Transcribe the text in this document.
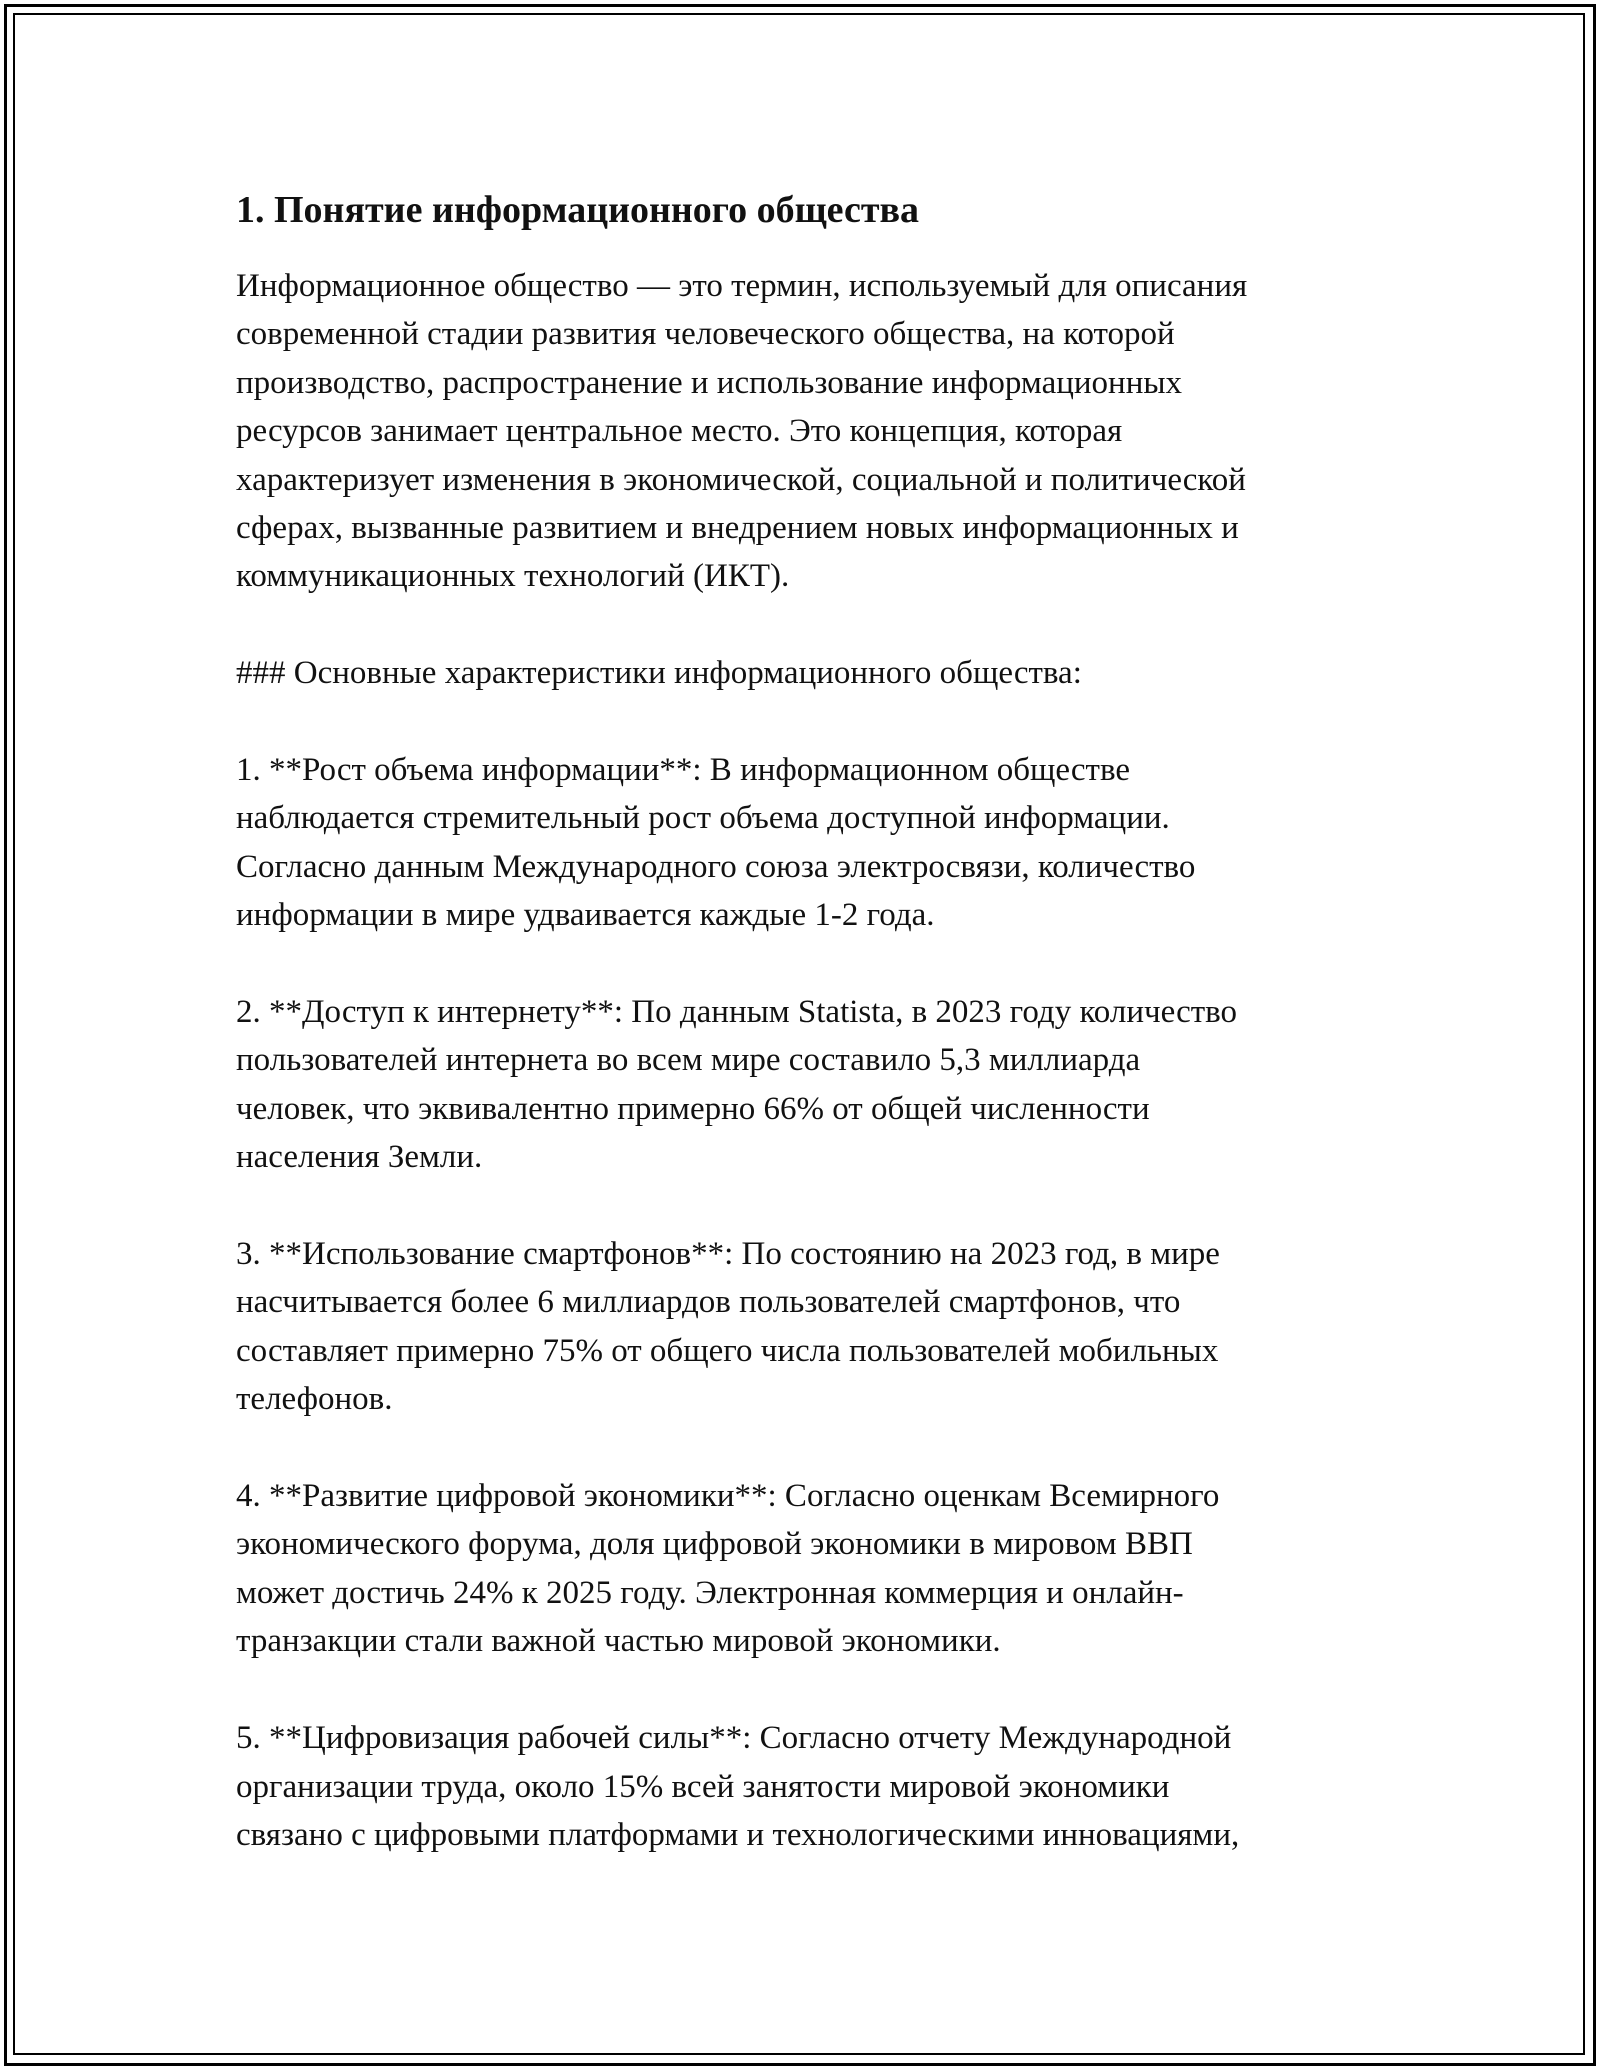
1. Понятие информационного общества

Информационное общество — это термин, используемый для описания
современной стадии развития человеческого общества, на которой
производство, распространение и использование информационных
ресурсов занимает центральное место. Это концепция, которая
характеризует изменения в экономической, социальной и политической
сферах, вызванные развитием и внедрением новых информационных и
коммуникационных технологий (ИКТ).

### Основные характеристики информационного общества:

1. **Рост объема информации**: В информационном обществе
наблюдается стремительный рост объема доступной информации.
Согласно данным Международного союза электросвязи, количество
информации в мире удваивается каждые 1-2 года.

2. **Доступ к интернету**: По данным Statista, в 2023 году количество
пользователей интернета во всем мире составило 5,3 миллиарда
человек, что эквивалентно примерно 66% от общей численности
населения Земли.

3. **Использование смартфонов**: По состоянию на 2023 год, в мире
насчитывается более 6 миллиардов пользователей смартфонов, что
составляет примерно 75% от общего числа пользователей мобильных
телефонов.

4. **Развитие цифровой экономики**: Согласно оценкам Всемирного
экономического форума, доля цифровой экономики в мировом ВВП
может достичь 24% к 2025 году. Электронная коммерция и онлайн-
транзакции стали важной частью мировой экономики.

5. **Цифровизация рабочей силы**: Согласно отчету Международной
организации труда, около 15% всей занятости мировой экономики
связано с цифровыми платформами и технологическими инновациями,
